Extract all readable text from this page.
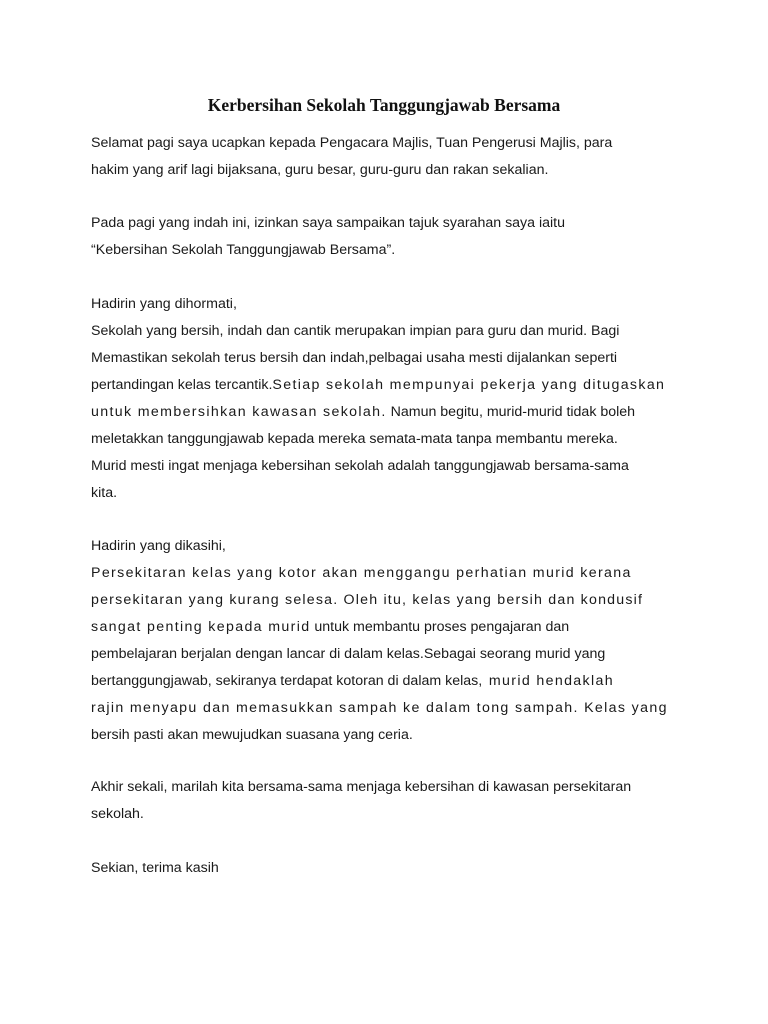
Kerbersihan Sekolah Tanggungjawab Bersama
Selamat pagi saya ucapkan kepada Pengacara Majlis, Tuan Pengerusi Majlis, para
hakim yang arif lagi bijaksana, guru besar, guru-guru dan rakan sekalian.
Pada pagi yang indah ini, izinkan saya sampaikan tajuk syarahan saya iaitu
“Kebersihan Sekolah Tanggungjawab Bersama”.
Hadirin yang dihormati,
Sekolah yang bersih, indah dan cantik merupakan impian para guru dan murid. Bagi
Memastikan sekolah terus bersih dan indah,pelbagai usaha mesti dijalankan seperti
pertandingan kelas tercantik.Setiap sekolah mempunyai pekerja yang ditugaskan
untuk membersihkan kawasan sekolah. Namun begitu, murid-murid tidak boleh
meletakkan tanggungjawab kepada mereka semata-mata tanpa membantu mereka.
Murid mesti ingat menjaga kebersihan sekolah adalah tanggungjawab bersama-sama
kita.
Hadirin yang dikasihi,
Persekitaran kelas yang kotor akan menggangu perhatian murid kerana
persekitaran yang kurang selesa. Oleh itu, kelas yang bersih dan kondusif
sangat penting kepada murid untuk membantu proses pengajaran dan
pembelajaran berjalan dengan lancar di dalam kelas.Sebagai seorang murid yang
bertanggungjawab, sekiranya terdapat kotoran di dalam kelas, murid hendaklah
rajin menyapu dan memasukkan sampah ke dalam tong sampah. Kelas yang
bersih pasti akan mewujudkan suasana yang ceria.
Akhir sekali, marilah kita bersama-sama menjaga kebersihan di kawasan persekitaran
sekolah.
Sekian, terima kasih
